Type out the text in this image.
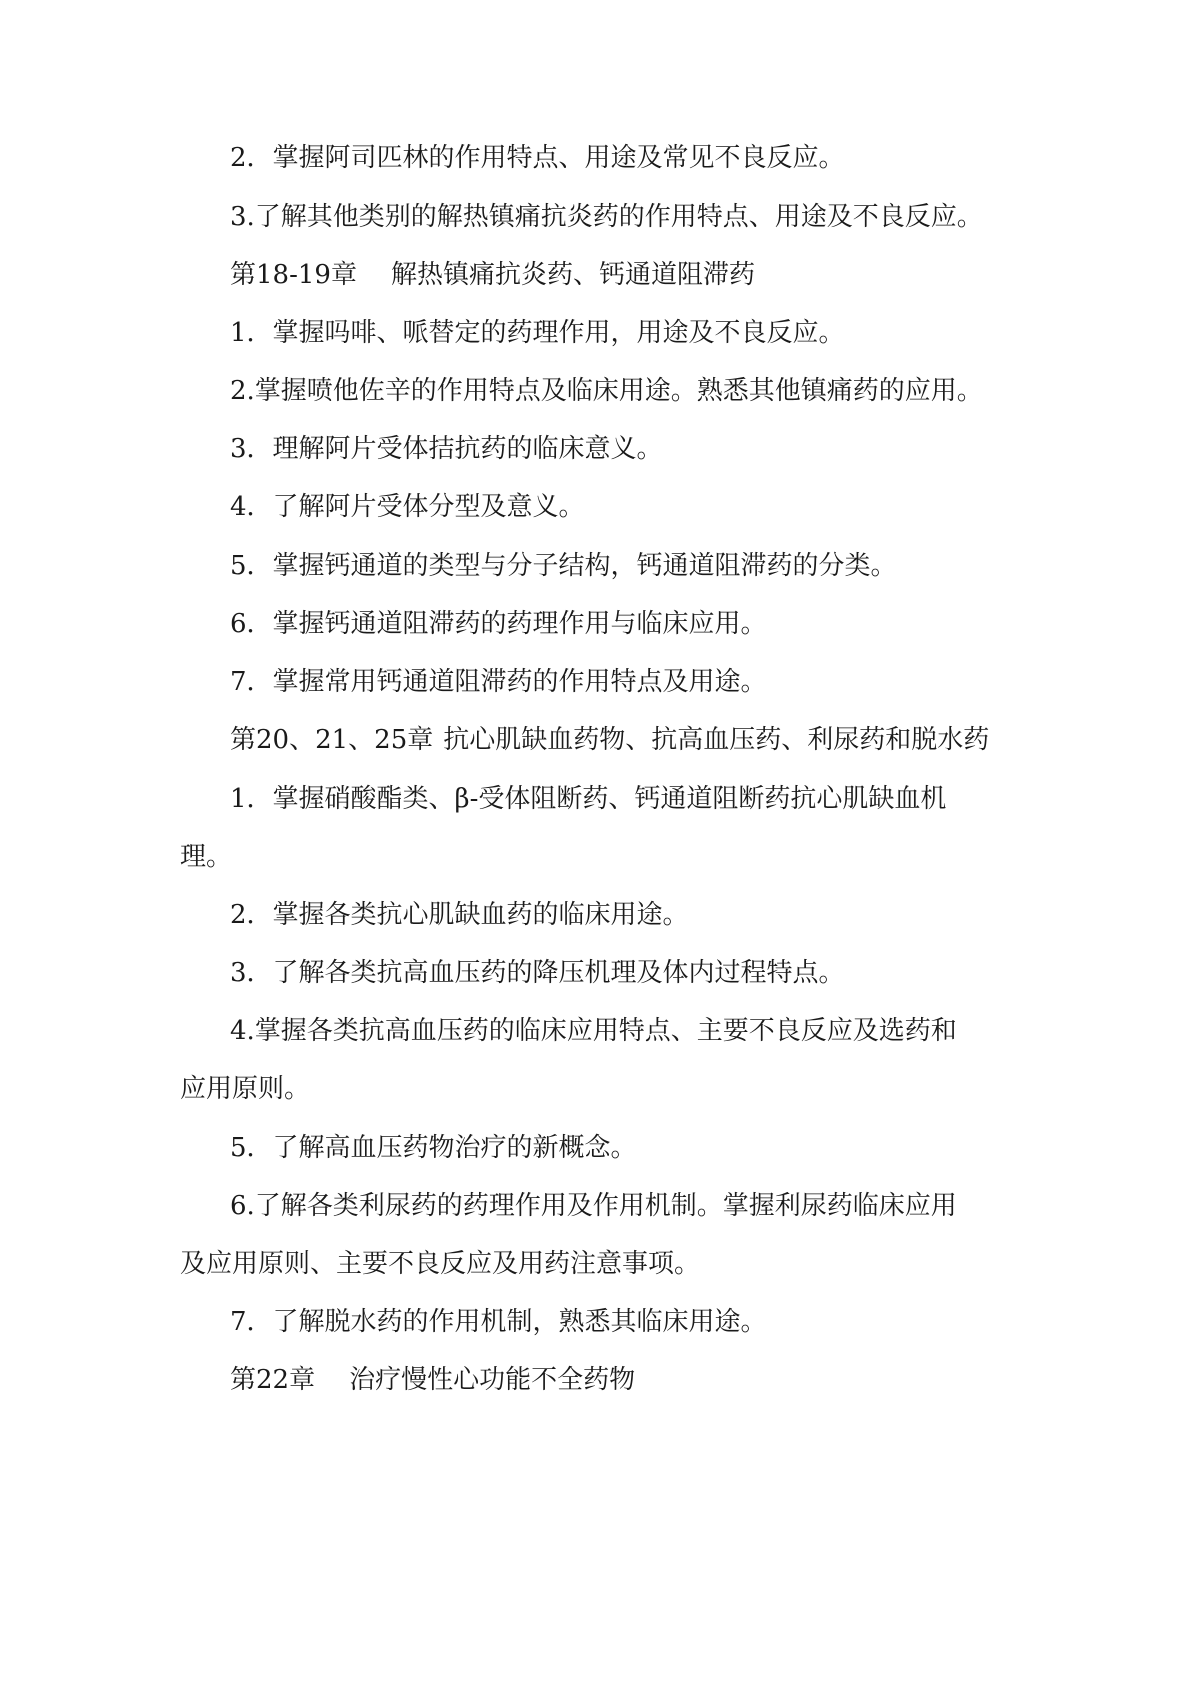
2．掌握阿司匹林的作用特点、用途及常见不良反应。

3.了解其他类别的解热镇痛抗炎药的作用特点、用途及不良反应。

第18-19章 解热镇痛抗炎药、钙通道阻滞药

1．掌握吗啡、哌替定的药理作用，用途及不良反应。

2.掌握喷他佐辛的作用特点及临床用途。熟悉其他镇痛药的应用。

3．理解阿片受体拮抗药的临床意义。

4．了解阿片受体分型及意义。

5．掌握钙通道的类型与分子结构，钙通道阻滞药的分类。

6．掌握钙通道阻滞药的药理作用与临床应用。

7．掌握常用钙通道阻滞药的作用特点及用途。

第20、21、25章 抗心肌缺血药物、抗高血压药、利尿药和脱水药

1．掌握硝酸酯类、β-受体阻断药、钙通道阻断药抗心肌缺血机

理。

2．掌握各类抗心肌缺血药的临床用途。

3．了解各类抗高血压药的降压机理及体内过程特点。

4.掌握各类抗高血压药的临床应用特点、主要不良反应及选药和

应用原则。

5．了解高血压药物治疗的新概念。

6.了解各类利尿药的药理作用及作用机制。掌握利尿药临床应用

及应用原则、主要不良反应及用药注意事项。

7．了解脱水药的作用机制，熟悉其临床用途。

第22章 治疗慢性心功能不全药物
